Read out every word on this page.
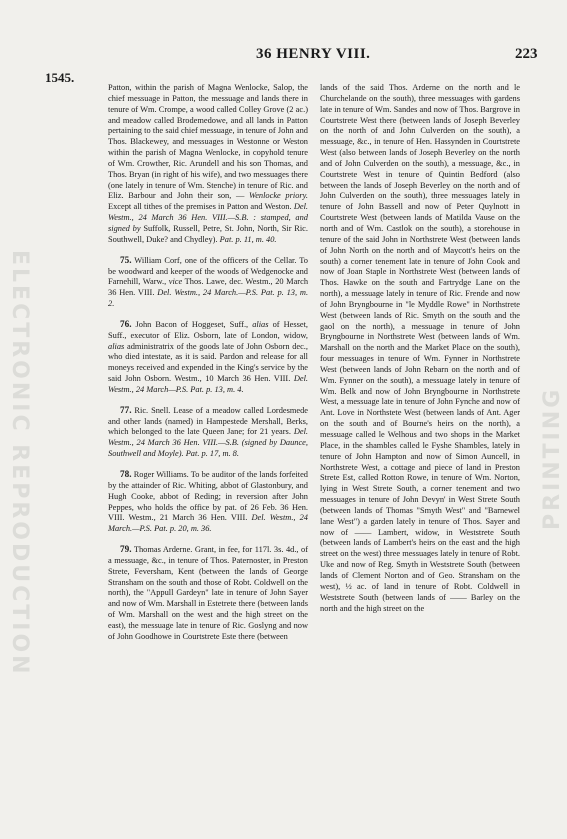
36 HENRY VIII.	223
1545.
ELECTRONIC REPRODUCTION	PRINTING

Patton, within the parish of Magna Wenlocke, Salop, the chief messuage in Patton, the messuage and lands there in tenure of Wm. Crompe, a wood called Colley Grove (2 ac.) and meadow called Brodemedowe, and all lands in Patton pertaining to the said chief messuage, in tenure of John and Thos. Blackewey, and messuages in Westonne or Weston within the parish of Magna Wenlocke, in copyhold tenure of Wm. Crowther, Ric. Arundell and his son Thomas, and Thos. Bryan (in right of his wife), and two messuages there (one lately in tenure of Wm. Stenche) in tenure of Ric. and Eliz. Barbour and John their son, — Wenlocke priory. Except all tithes of the premises in Patton and Weston. Del. Westm., 24 March 36 Hen. VIII.—S.B. : stamped, and signed by Suffolk, Russell, Petre, St. John, North, Sir Ric. Southwell, Duke? and Chydley). Pat. p. 11, m. 40.

75. William Corf, one of the officers of the Cellar. To be woodward and keeper of the woods of Wedgenocke and Farnehill, Warw., vice Thos. Lawe, dec. Westm., 20 March 36 Hen. VIII. Del. Westm., 24 March.—P.S. Pat. p. 13, m. 2.

76. John Bacon of Hoggeset, Suff., alias of Hesset, Suff., executor of Eliz. Osborn, late of London, widow, alias administratrix of the goods late of John Osborn dec., who died intestate, as it is said. Pardon and release for all moneys received and expended in the King's service by the said John Osborn. Westm., 10 March 36 Hen. VIII. Del. Westm., 24 March—P.S. Pat. p. 13, m. 4.

77. Ric. Snell. Lease of a meadow called Lordesmede and other lands (named) in Hampestede Mershall, Berks, which belonged to the late Queen Jane; for 21 years. Del. Westm., 24 March 36 Hen. VIII.—S.B. (signed by Daunce, Southwell and Moyle). Pat. p. 17, m. 8.

78. Roger Williams. To be auditor of the lands forfeited by the attainder of Ric. Whiting, abbot of Glastonbury, and Hugh Cooke, abbot of Reding; in reversion after John Peppes, who holds the office by pat. of 26 Feb. 36 Hen. VIII. Westm., 21 March 36 Hen. VIII. Del. Westm., 24 March.—P.S. Pat. p. 20, m. 36.

79. Thomas Arderne. Grant, in fee, for 117l. 3s. 4d., of a messuage, &c., in tenure of Thos. Paternoster, in Preston Strete, Feversham, Kent (between the lands of George Stransham on the south and those of Robt. Coldwell on the north), the "Appull Gardeyn" late in tenure of John Sayer and now of Wm. Marshall in Estetrete there (between lands of Wm. Marshall on the west and the high street on the east), the messuage late in tenure of Ric. Goslyng and now of John Goodhowe in Courtstrete Este there (between

lands of the said Thos. Arderne on the north and le Churchelande on the south), three messuages with gardens late in tenure of Wm. Sandes and now of Thos. Bargrove in Courtstrete West there (between lands of Joseph Beverley on the north of and John Culverden on the south), a messuage, &c., in tenure of Hen. Hassynden in Courtstrete West (also between lands of Joseph Beverley on the north and of John Culverden on the south), a messuage, &c., in Courtstrete West in tenure of Quintin Bedford (also between the lands of Joseph Beverley on the north and of John Culverden on the south), three messuages lately in tenure of John Bassell and now of Peter Quylnott in Courtstrete West (between lands of Matilda Vause on the north and of Wm. Castlok on the south), a storehouse in tenure of the said John in Northstrete West (between lands of John North on the north and of Maycott's heirs on the south) a corner tenement late in tenure of John Cook and now of Joan Staple in Northstrete West (between lands of Thos. Hawke on the south and Fartrydge Lane on the north), a messuage lately in tenure of Ric. Frende and now of John Bryngbourne in "le Myddle Rowe" in Northstrete West (between lands of Ric. Smyth on the south and the gaol on the north), a messuage in tenure of John Bryngbourne in Northstrete West (between lands of Wm. Marshall on the north and the Market Place on the south), four messuages in tenure of Wm. Fynner in Northstrete West (between lands of John Rebarn on the north and of Wm. Fynner on the south), a messuage lately in tenure of Wm. Belk and now of John Bryngbourne in Northstrete West, a messuage late in tenure of John Fynche and now of Ant. Love in Northstete West (between lands of Ant. Ager on the south and of Bourne's heirs on the north), a messuage called le Welhous and two shops in the Market Place, in the shambles called le Fyshe Shambles, lately in tenure of John Hampton and now of Simon Auncell, in Northstrete West, a cottage and piece of land in Preston Strete Est, called Rotton Rowe, in tenure of Wm. Norton, lying in West Strete South, a corner tenement and two messuages in tenure of John Devyn' in West Strete South (between lands of Thomas "Smyth West" and "Barnewel lane West") a garden lately in tenure of Thos. Sayer and now of —— Lambert, widow, in Weststrete South (between lands of Lambert's heirs on the east and the high street on the west) three messuages lately in tenure of Robt. Uke and now of Reg. Smyth in Weststrete South (between lands of Clement Norton and of Geo. Stransham on the west), ½ ac. of land in tenure of Robt. Coldwell in Weststrete South (between lands of —— Barley on the north and the high street on the
